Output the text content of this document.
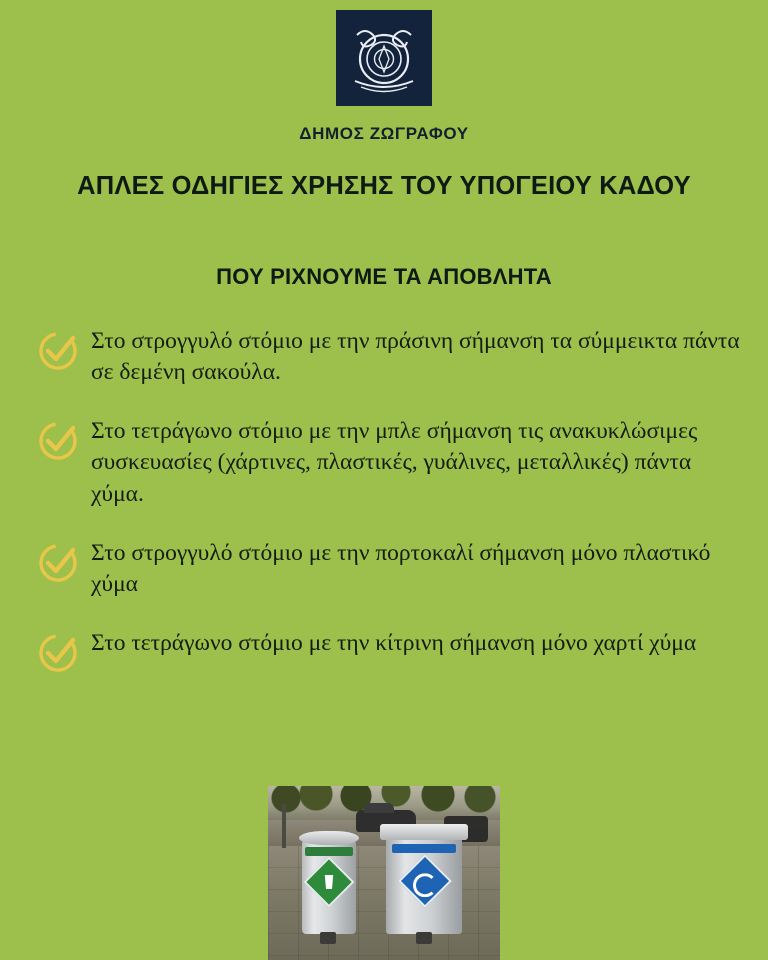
ΔΗΜΟΣ ΖΩΓΡΑΦΟΥ
ΑΠΛΕΣ ΟΔΗΓΙΕΣ ΧΡΗΣΗΣ ΤΟΥ ΥΠΟΓΕΙΟΥ ΚΑΔΟΥ
ΠΟΥ ΡΙΧΝΟΥΜΕ ΤΑ ΑΠΟΒΛΗΤΑ
Στο στρογγυλό στόμιο με την πράσινη σήμανση τα σύμμεικτα πάντα σε δεμένη σακούλα.
Στο τετράγωνο στόμιο με την μπλε σήμανση τις ανακυκλώσιμες συσκευασίες (χάρτινες, πλαστικές, γυάλινες, μεταλλικές) πάντα χύμα.
Στο στρογγυλό στόμιο με την πορτοκαλί σήμανση μόνο πλαστικό χύμα
Στο τετράγωνο στόμιο με την κίτρινη σήμανση μόνο χαρτί χύμα
